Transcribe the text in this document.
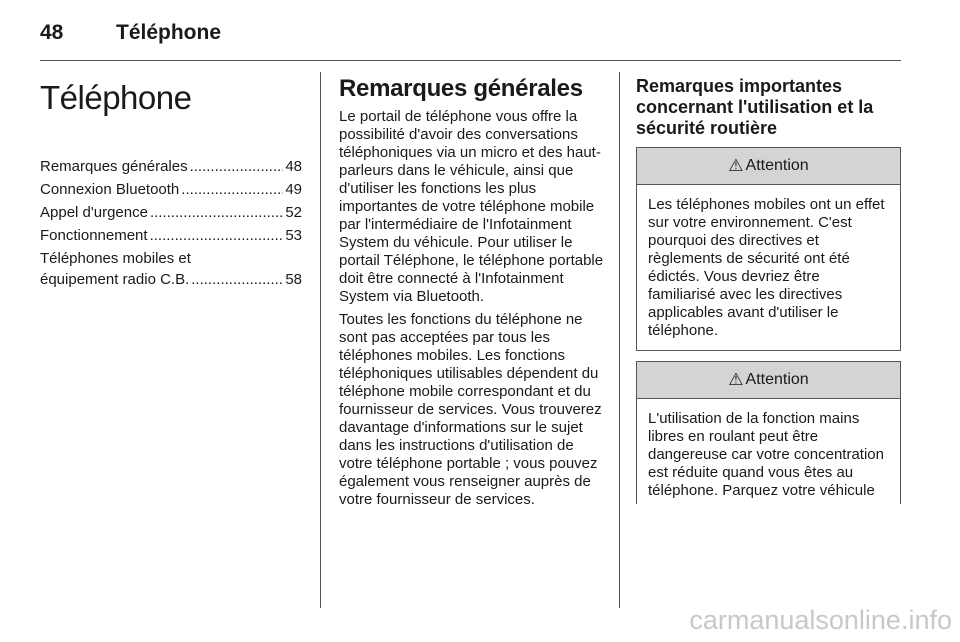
48	Téléphone
Téléphone
Remarques générales .....	48
Connexion Bluetooth .....	49
Appel d'urgence .....	52
Fonctionnement .....	53
Téléphones mobiles et
équipement radio C.B. .....	58
Remarques générales

Le portail de téléphone vous offre la possibilité d'avoir des conversations téléphoniques via un micro et des haut-parleurs dans le véhicule, ainsi que d'utiliser les fonctions les plus importantes de votre téléphone mobile par l'intermédiaire de l'Infotainment System du véhicule. Pour utiliser le portail Téléphone, le téléphone portable doit être connecté à l'Infotainment System via Bluetooth.

Toutes les fonctions du téléphone ne sont pas acceptées par tous les téléphones mobiles. Les fonctions téléphoniques utilisables dépendent du téléphone mobile correspondant et du fournisseur de services. Vous trouverez davantage d'informations sur le sujet dans les instructions d'utilisation de votre téléphone portable ; vous pouvez également vous renseigner auprès de votre fournisseur de services.

Remarques importantes concernant l'utilisation et la sécurité routière
⚠ Attention
Les téléphones mobiles ont un effet sur votre environnement. C'est pourquoi des directives et règlements de sécurité ont été édictés. Vous devriez être familiarisé avec les directives applicables avant d'utiliser le téléphone.
⚠ Attention
L'utilisation de la fonction mains libres en roulant peut être dangereuse car votre concentration est réduite quand vous êtes au téléphone. Parquez votre véhicule
carmanualsonline.info
